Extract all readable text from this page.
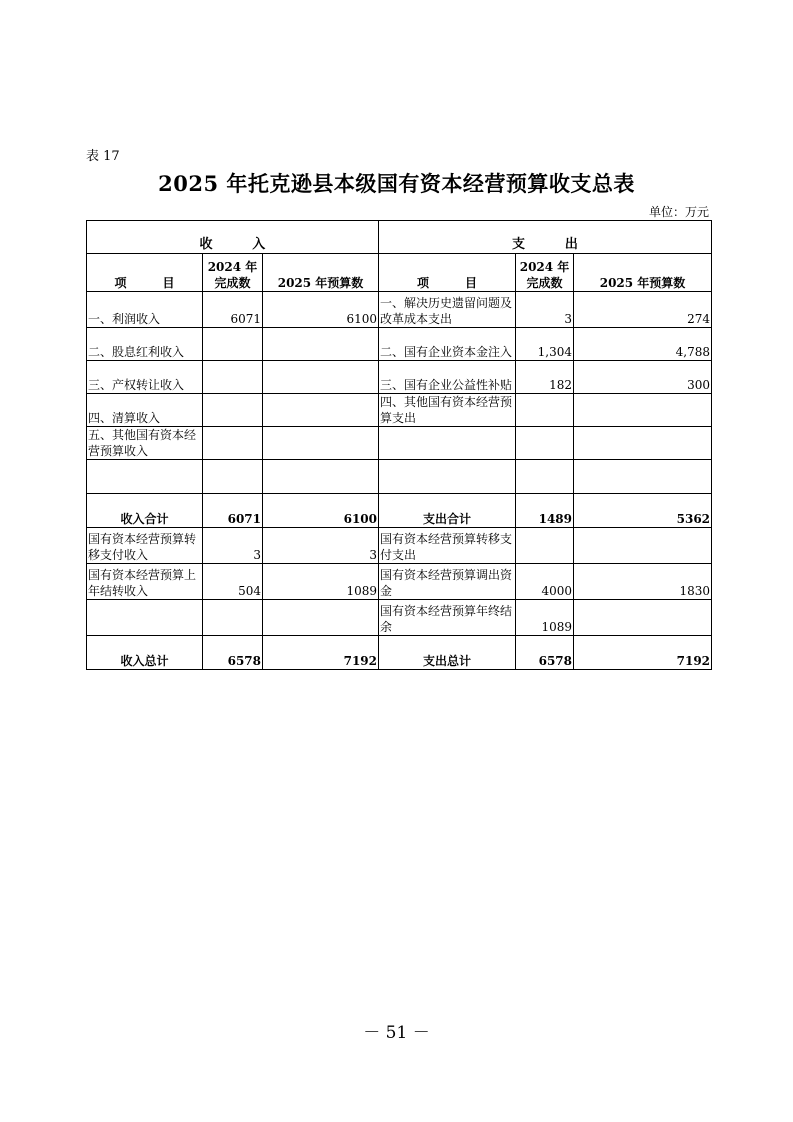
表 17
2025 年托克逊县本级国有资本经营预算收支总表
单位：万元
收　　　入			支　　　出		
项　　　目	2024 年完成数	2025 年预算数	项　　　目	2024 年完成数	2025 年预算数
一、利润收入	6071	6100	一、解决历史遗留问题及改革成本支出	3	274
二、股息红利收入			二、国有企业资本金注入	1,304	4,788
三、产权转让收入			三、国有企业公益性补贴	182	300
四、清算收入			四、其他国有资本经营预算支出		
五、其他国有资本经营预算收入					

收入合计	6071	6100	支出合计	1489	5362
国有资本经营预算转移支付收入	3	3	国有资本经营预算转移支付支出		
国有资本经营预算上年结转收入	504	1089	国有资本经营预算调出资金	4000	1830
			国有资本经营预算年终结余	1089	
收入总计	6578	7192	支出总计	6578	7192
－ 51 －
